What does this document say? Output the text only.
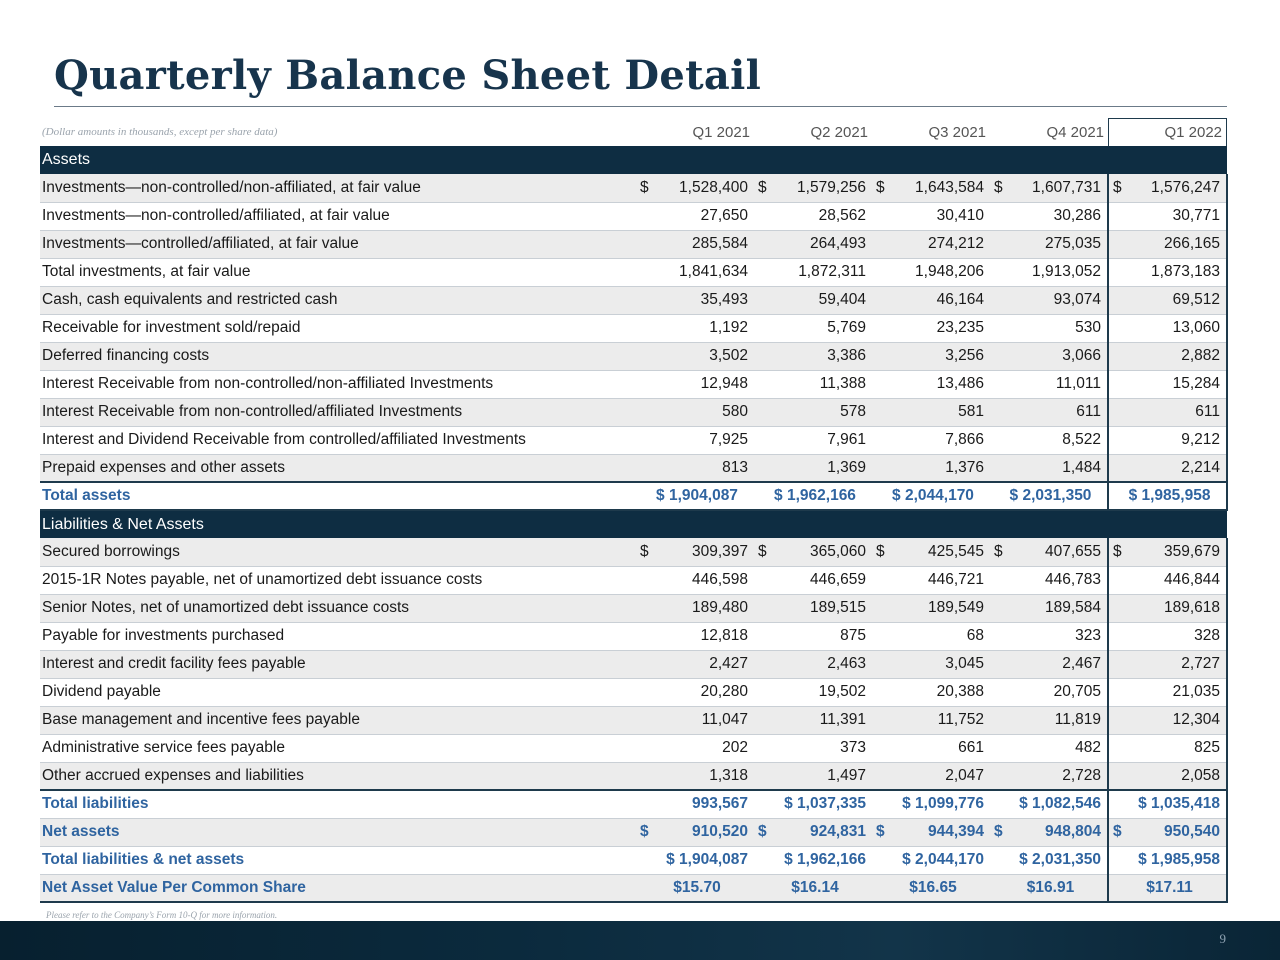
Quarterly Balance Sheet Detail
(Dollar amounts in thousands, except per share data)	Q1 2021	Q2 2021	Q3 2021	Q4 2021	Q1 2022
Assets					
Investments—non-controlled/non-affiliated, at fair value	$ 1,528,400	$ 1,579,256	$ 1,643,584	$ 1,607,731	$ 1,576,247
Investments—non-controlled/affiliated, at fair value	27,650	28,562	30,410	30,286	30,771
Investments—controlled/affiliated, at fair value	285,584	264,493	274,212	275,035	266,165
Total investments, at fair value	1,841,634	1,872,311	1,948,206	1,913,052	1,873,183
Cash, cash equivalents and restricted cash	35,493	59,404	46,164	93,074	69,512
Receivable for investment sold/repaid	1,192	5,769	23,235	530	13,060
Deferred financing costs	3,502	3,386	3,256	3,066	2,882
Interest Receivable from non-controlled/non-affiliated Investments	12,948	11,388	13,486	11,011	15,284
Interest Receivable from non-controlled/affiliated Investments	580	578	581	611	611
Interest and Dividend Receivable from controlled/affiliated Investments	7,925	7,961	7,866	8,522	9,212
Prepaid expenses and other assets	813	1,369	1,376	1,484	2,214
Total assets	$ 1,904,087	$ 1,962,166	$ 2,044,170	$ 2,031,350	$ 1,985,958
Liabilities & Net Assets					
Secured borrowings	$ 309,397	$ 365,060	$ 425,545	$ 407,655	$ 359,679
2015-1R Notes payable, net of unamortized debt issuance costs	446,598	446,659	446,721	446,783	446,844
Senior Notes, net of unamortized debt issuance costs	189,480	189,515	189,549	189,584	189,618
Payable for investments purchased	12,818	875	68	323	328
Interest and credit facility fees payable	2,427	2,463	3,045	2,467	2,727
Dividend payable	20,280	19,502	20,388	20,705	21,035
Base management and incentive fees payable	11,047	11,391	11,752	11,819	12,304
Administrative service fees payable	202	373	661	482	825
Other accrued expenses and liabilities	1,318	1,497	2,047	2,728	2,058
Total liabilities	993,567	$ 1,037,335	$ 1,099,776	$ 1,082,546	$ 1,035,418
Net assets	$ 910,520	$ 924,831	$ 944,394	$ 948,804	$ 950,540
Total liabilities & net assets	$ 1,904,087	$ 1,962,166	$ 2,044,170	$ 2,031,350	$ 1,985,958
Net Asset Value Per Common Share	$15.70	$16.14	$16.65	$16.91	$17.11
Please refer to the Company’s Form 10-Q for more information.
9
